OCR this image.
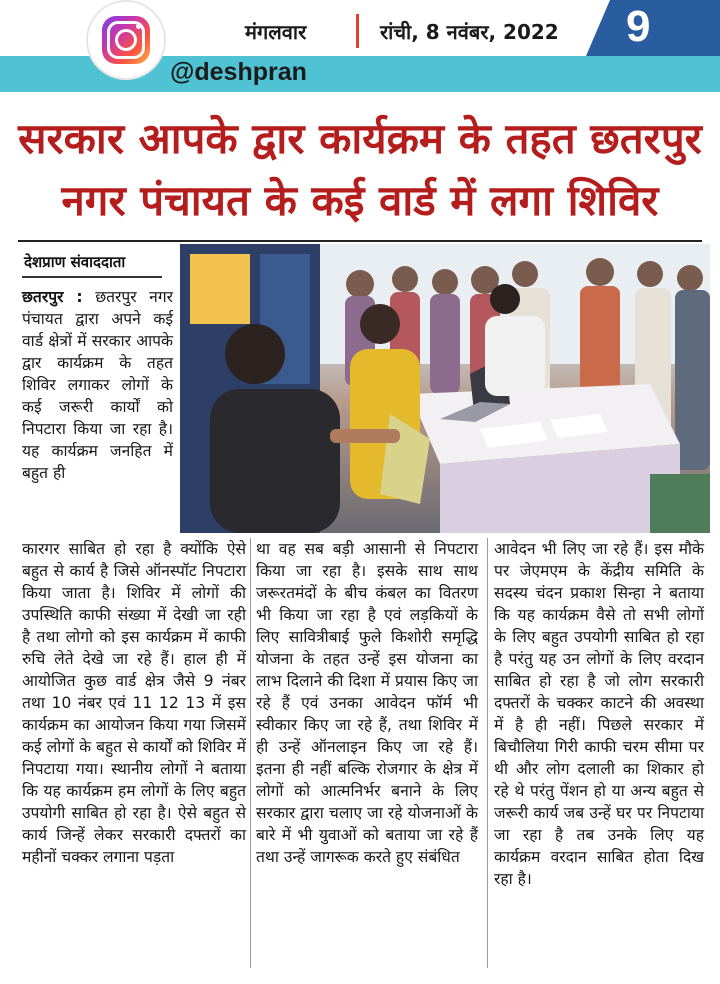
@deshpran
मंगलवार	रांची, 8 नवंबर, 2022 9
सरकार आपके द्वार कार्यक्रम के तहत छतरपुर
नगर पंचायत के कई वार्ड में लगा शिविर
देशप्राण संवाददाता

छतरपुर : छतरपुर नगर पंचायत द्वारा अपने कई वार्ड क्षेत्रों में सरकार आपके द्वार कार्यक्रम के तहत शिविर लगाकर लोगों के कई जरूरी कार्यों को निपटारा किया जा रहा है। यह कार्यक्रम जनहित में बहुत ही

कारगर साबित हो रहा है क्योंकि ऐसे बहुत से कार्य है जिसे ऑनस्पॉट निपटारा किया जाता है। शिविर में लोगों की उपस्थिति काफी संख्या में देखी जा रही है तथा लोगो को इस कार्यक्रम में काफी रुचि लेते देखे जा रहे हैं। हाल ही में आयोजित कुछ वार्ड क्षेत्र जैसे 9 नंबर तथा 10 नंबर एवं 11 12 13 में इस कार्यक्रम का आयोजन किया गया जिसमें कई लोगों के बहुत से कार्यों को शिविर में निपटाया गया। स्थानीय लोगों ने बताया कि यह कार्यक्रम हम लोगों के लिए बहुत उपयोगी साबित हो रहा है। ऐसे बहुत से कार्य जिन्हें लेकर सरकारी दफ्तरों का महीनों चक्कर लगाना पड़ता

था वह सब बड़ी आसानी से निपटारा किया जा रहा है। इसके साथ साथ जरूरतमंदों के बीच कंबल का वितरण भी किया जा रहा है एवं लड़कियों के लिए सावित्रीबाई फुले किशोरी समृद्धि योजना के तहत उन्हें इस योजना का लाभ दिलाने की दिशा में प्रयास किए जा रहे हैं एवं उनका आवेदन फॉर्म भी स्वीकार किए जा रहे हैं, तथा शिविर में ही उन्हें ऑनलाइन किए जा रहे हैं। इतना ही नहीं बल्कि रोजगार के क्षेत्र में लोगों को आत्मनिर्भर बनाने के लिए सरकार द्वारा चलाए जा रहे योजनाओं के बारे में भी युवाओं को बताया जा रहे हैं तथा उन्हें जागरूक करते हुए संबंधित

आवेदन भी लिए जा रहे हैं। इस मौके पर जेएमएम के केंद्रीय समिति के सदस्य चंदन प्रकाश सिन्हा ने बताया कि यह कार्यक्रम वैसे तो सभी लोगों के लिए बहुत उपयोगी साबित हो रहा है परंतु यह उन लोगों के लिए वरदान साबित हो रहा है जो लोग सरकारी दफ्तरों के चक्कर काटने की अवस्था में है ही नहीं। पिछले सरकार में बिचौलिया गिरी काफी चरम सीमा पर थी और लोग दलाली का शिकार हो रहे थे परंतु पेंशन हो या अन्य बहुत से जरूरी कार्य जब उन्हें घर पर निपटाया जा रहा है तब उनके लिए यह कार्यक्रम वरदान साबित होता दिख रहा है।
